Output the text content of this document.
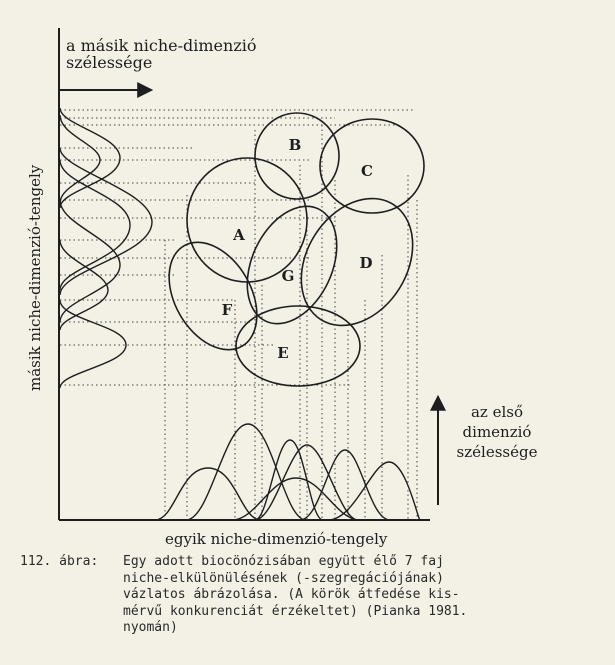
B
C
A
D
G
F
E
a másik niche-dimenzió
szélessége
másik niche-dimenzió-tengely
egyik niche-dimenzió-tengely
az első
dimenzió
szélessége
112. ábra: Egy adott biocönózisában együtt élő 7 faj
niche-elkülönülésének (-szegregációjának)
vázlatos ábrázolása. (A körök átfedése kis-
mérvű konkurenciát érzékeltet) (Pianka 1981.
nyomán)
